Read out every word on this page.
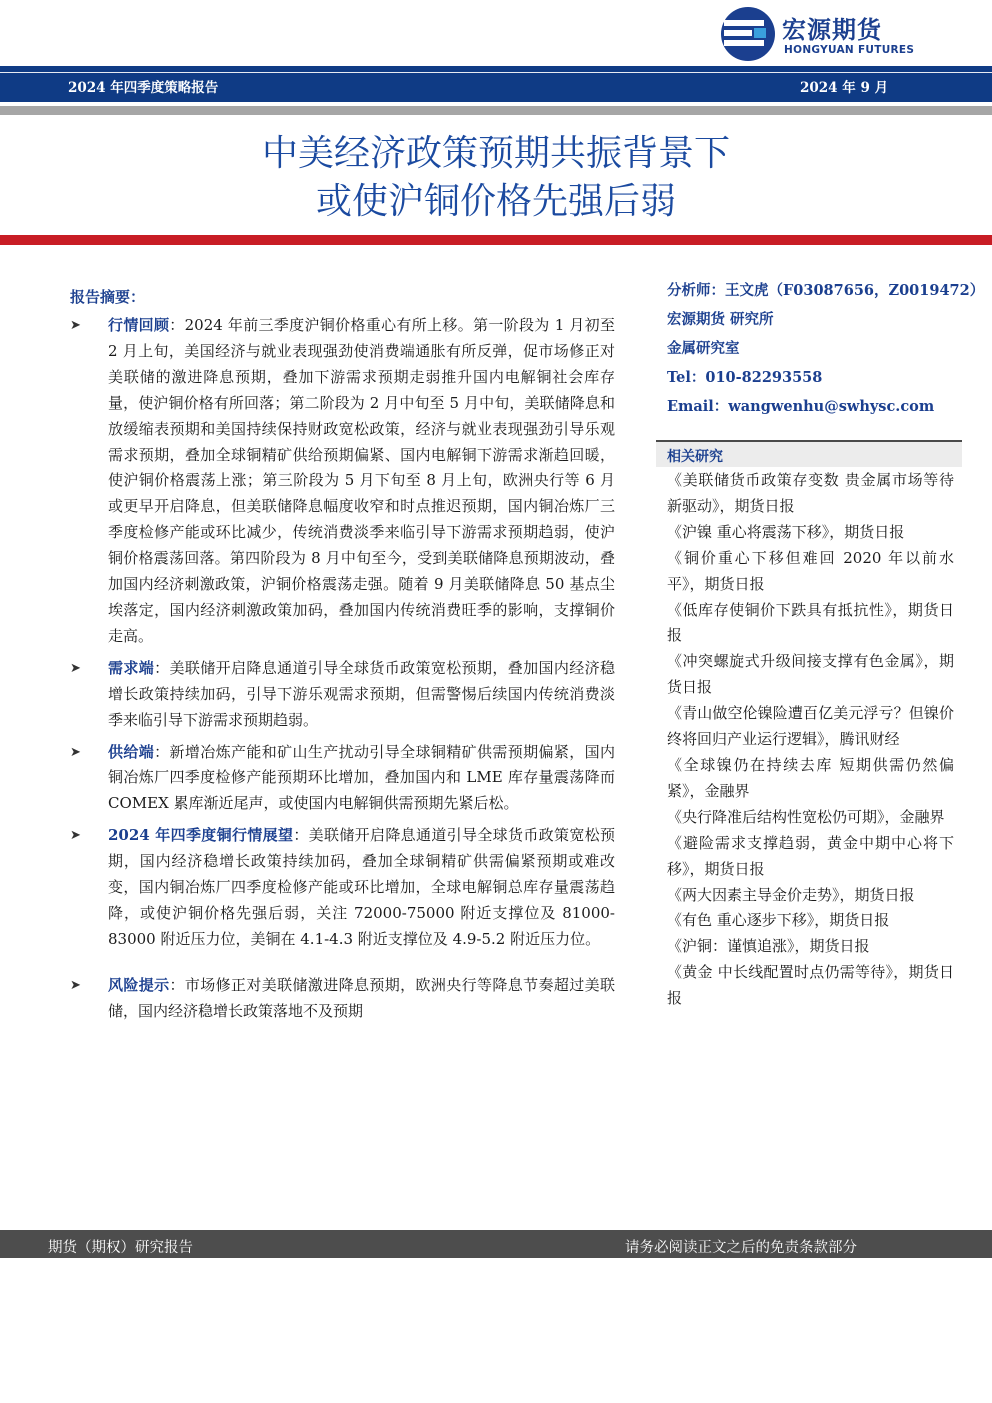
宏源期货
HONGYUAN FUTURES
2024 年四季度策略报告	2024 年 9 月
中美经济政策预期共振背景下
或使沪铜价格先强后弱
报告摘要：

➤ 行情回顾：2024 年前三季度沪铜价格重心有所上移。第一阶段为 1 月初至 2 月上旬，美国经济与就业表现强劲使消费端通胀有所反弹，促市场修正对美联储的激进降息预期，叠加下游需求预期走弱推升国内电解铜社会库存量，使沪铜价格有所回落；第二阶段为 2 月中旬至 5 月中旬，美联储降息和放缓缩表预期和美国持续保持财政宽松政策，经济与就业表现强劲引导乐观需求预期，叠加全球铜精矿供给预期偏紧、国内电解铜下游需求渐趋回暖，使沪铜价格震荡上涨；第三阶段为 5 月下旬至 8 月上旬，欧洲央行等 6 月或更早开启降息，但美联储降息幅度收窄和时点推迟预期，国内铜冶炼厂三季度检修产能或环比减少，传统消费淡季来临引导下游需求预期趋弱，使沪铜价格震荡回落。第四阶段为 8 月中旬至今，受到美联储降息预期波动，叠加国内经济刺激政策，沪铜价格震荡走强。随着 9 月美联储降息 50 基点尘埃落定，国内经济刺激政策加码，叠加国内传统消费旺季的影响，支撑铜价走高。

➤ 需求端：美联储开启降息通道引导全球货币政策宽松预期，叠加国内经济稳增长政策持续加码，引导下游乐观需求预期，但需警惕后续国内传统消费淡季来临引导下游需求预期趋弱。

➤ 供给端：新增冶炼产能和矿山生产扰动引导全球铜精矿供需预期偏紧，国内铜冶炼厂四季度检修产能预期环比增加，叠加国内和 LME 库存量震荡降而 COMEX 累库渐近尾声，或使国内电解铜供需预期先紧后松。

➤ 2024 年四季度铜行情展望：美联储开启降息通道引导全球货币政策宽松预期，国内经济稳增长政策持续加码，叠加全球铜精矿供需偏紧预期或难改变，国内铜冶炼厂四季度检修产能或环比增加，全球电解铜总库存量震荡趋降，或使沪铜价格先强后弱，关注 72000-75000 附近支撑位及 81000-83000 附近压力位，美铜在 4.1-4.3 附近支撑位及 4.9-5.2 附近压力位。

➤ 风险提示：市场修正对美联储激进降息预期，欧洲央行等降息节奏超过美联储，国内经济稳增长政策落地不及预期

分析师：王文虎（F03087656，Z0019472）
宏源期货 研究所
金属研究室
Tel：010-82293558
Email：wangwenhu@swhysc.com
相关研究

《美联储货币政策存变数 贵金属市场等待新驱动》，期货日报

《沪镍 重心将震荡下移》，期货日报

《铜价重心下移但难回 2020 年以前水平》，期货日报

《低库存使铜价下跌具有抵抗性》，期货日报

《冲突螺旋式升级间接支撑有色金属》，期货日报

《青山做空伦镍险遭百亿美元浮亏？但镍价终将回归产业运行逻辑》，腾讯财经

《全球镍仍在持续去库 短期供需仍然偏紧》，金融界

《央行降准后结构性宽松仍可期》，金融界

《避险需求支撑趋弱，黄金中期中心将下移》，期货日报

《两大因素主导金价走势》，期货日报

《有色 重心逐步下移》，期货日报

《沪铜：谨慎追涨》，期货日报

《黄金 中长线配置时点仍需等待》，期货日报

期货（期权）研究报告	请务必阅读正文之后的免责条款部分
